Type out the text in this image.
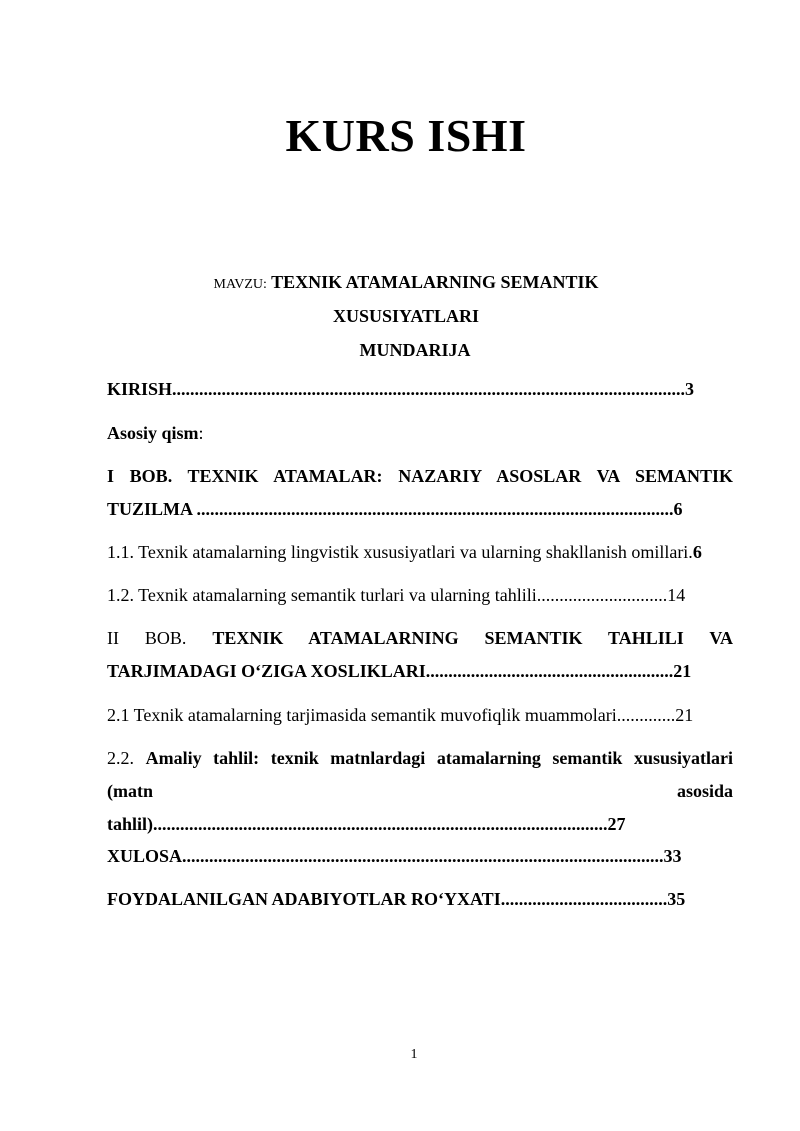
KURS ISHI
MAVZU: TEXNIK ATAMALARNING SEMANTIK
XUSUSIYATLARI
MUNDARIJA
KIRISH..................................................................................................................3
Asosiy qism:
I BOB. TEXNIK ATAMALAR: NAZARIY ASOSLAR VA SEMANTIK
TUZILMA ..........................................................................................................6
1.1. Texnik atamalarning lingvistik xususiyatlari va ularning shakllanish omillari.6
1.2. Texnik atamalarning semantik turlari va ularning tahlili.............................14
II BOB. TEXNIK ATAMALARNING SEMANTIK TAHLILI VA
TARJIMADAGI O‘ZIGA XOSLIKLARI.......................................................21
2.1 Texnik atamalarning tarjimasida semantik muvofiqlik muammolari.............21
2.2. Amaliy tahlil: texnik matnlardagi atamalarning semantik xususiyatlari
(matn	asosida
tahlil).....................................................................................................27
XULOSA...........................................................................................................33
FOYDALANILGAN ADABIYOTLAR RO‘YXATI.....................................35
1
